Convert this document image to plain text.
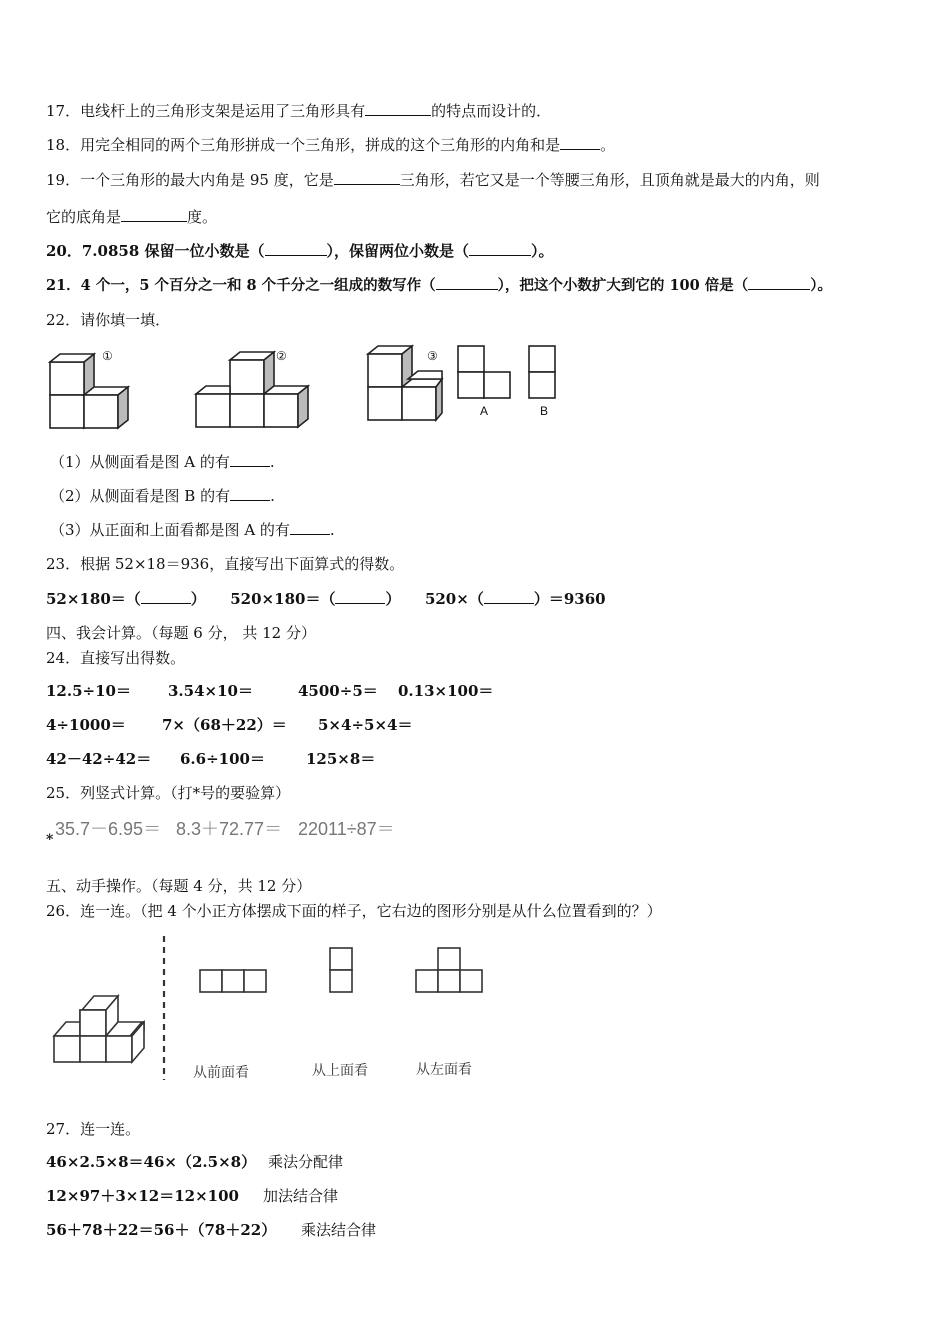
17．电线杆上的三角形支架是运用了三角形具有	的特点而设计的．
18．用完全相同的两个三角形拼成一个三角形，拼成的这个三角形的内角和是	。
19．一个三角形的最大内角是 95 度，它是	三角形，若它又是一个等腰三角形，且顶角就是最大的内角，则
它的底角是	度。
20．7.0858 保留一位小数是（	），保留两位小数是（	）。
21．4 个一，5 个百分之一和 8 个千分之一组成的数写作（	），把这个小数扩大到它的 100 倍是（	）。
22．请你填一填．
①	②	③
A	B
（1）从侧面看是图 A 的有	.
（2）从侧面看是图 B 的有	.
（3）从正面和上面看都是图 A 的有	.
23．根据 52×18＝936，直接写出下面算式的得数。
52×180＝（	） 520×180＝（	） 520×（	）＝9360
四、我会计算。（每题 6 分， 共 12 分）
24．直接写出得数。
12.5÷10＝ 3.54×10＝	4500÷5＝ 0.13×100＝
4÷1000＝ 7×（68＋22）＝ 5×4÷5×4＝
42－42÷42＝ 6.6÷100＝	125×8＝
25．列竖式计算。（打*号的要验算）
*
35.7－6.95＝ 8.3＋72.77＝ 22011÷87＝
五、动手操作。（每题 4 分，共 12 分）
26．连一连。（把 4 个小正方体摆成下面的样子，它右边的图形分别是从什么位置看到的？）
从前面看	从上面看	从左面看
27．连一连。
46×2.5×8＝46×（2.5×8） 乘法分配律
12×97＋3×12＝12×100 加法结合律
56＋78＋22＝56＋（78＋22） 乘法结合律
